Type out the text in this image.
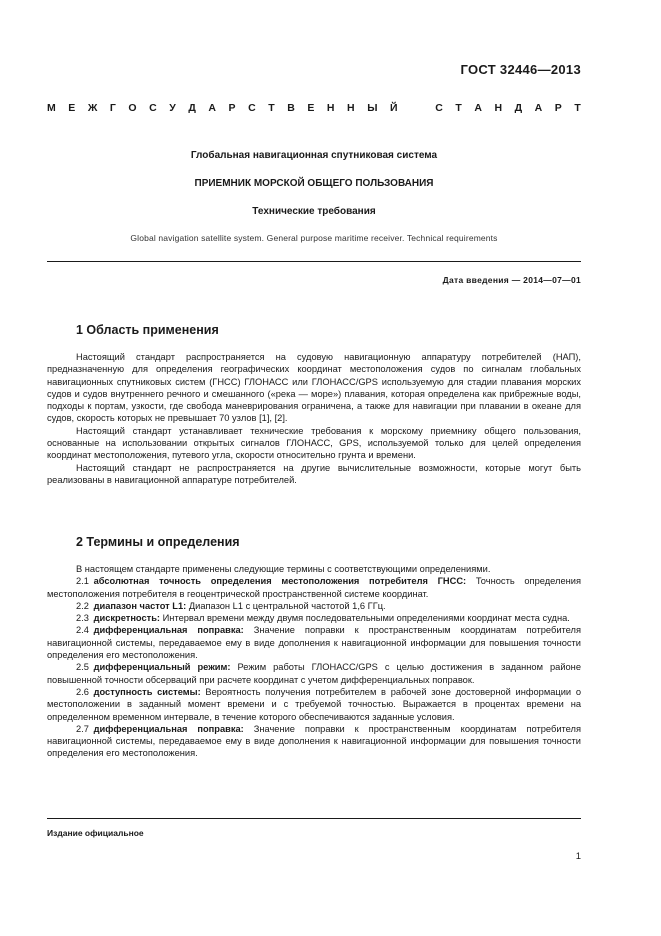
ГОСТ 32446—2013
М Е Ж Г О С У Д А Р С Т В Е Н Н Ы Й	С Т А Н Д А Р Т
Глобальная навигационная спутниковая система
ПРИЕМНИК МОРСКОЙ ОБЩЕГО ПОЛЬЗОВАНИЯ
Технические требования
Global navigation satellite system. General purpose maritime receiver. Technical requirements
Дата введения — 2014—07—01
1 Область применения

Настоящий стандарт распространяется на судовую навигационную аппаратуру потребителей (НАП), предназначенную для определения географических координат местоположения судов по сигналам глобальных навигационных спутниковых систем (ГНСС) ГЛОНАСС или ГЛОНАСС/GPS используемую для стадии плавания морских судов и судов внутреннего речного и смешанного («река — море») плавания, которая определена как прибрежные воды, подходы к портам, узкости, где свобода маневрирования ограничена, а также для навигации при плавании в океане для судов, скорость которых не превышает 70 узлов [1], [2].

Настоящий стандарт устанавливает технические требования к морскому приемнику общего пользования, основанные на использовании открытых сигналов ГЛОНАСС, GPS, используемой только для целей определения координат местоположения, путевого угла, скорости относительно грунта и времени.

Настоящий стандарт не распространяется на другие вычислительные возможности, которые могут быть реализованы в навигационной аппаратуре потребителей.

2 Термины и определения

В настоящем стандарте применены следующие термины с соответствующими определениями.

2.1  абсолютная точность определения местоположения потребителя ГНСС: Точность определения местоположения потребителя в геоцентрической пространственной системе координат.

2.2  диапазон частот L1: Диапазон L1 с центральной частотой 1,6 ГГц.

2.3  дискретность: Интервал времени между двумя последовательными определениями координат места судна.

2.4  дифференциальная поправка: Значение поправки к пространственным координатам потребителя навигационной системы, передаваемое ему в виде дополнения к навигационной информации для повышения точности определения его местоположения.

2.5  дифференциальный режим: Режим работы ГЛОНАСС/GPS с целью достижения в заданном районе повышенной точности обсерваций при расчете координат с учетом дифференциальных поправок.

2.6  доступность системы: Вероятность получения потребителем в рабочей зоне достоверной информации о местоположении в заданный момент времени и с требуемой точностью. Выражается в процентах времени на определенном временном интервале, в течение которого обеспечиваются заданные условия.

2.7  дифференциальная поправка: Значение поправки к пространственным координатам потребителя навигационной системы, передаваемое ему в виде дополнения к навигационной информации для повышения точности определения его местоположения.

Издание официальное
1
